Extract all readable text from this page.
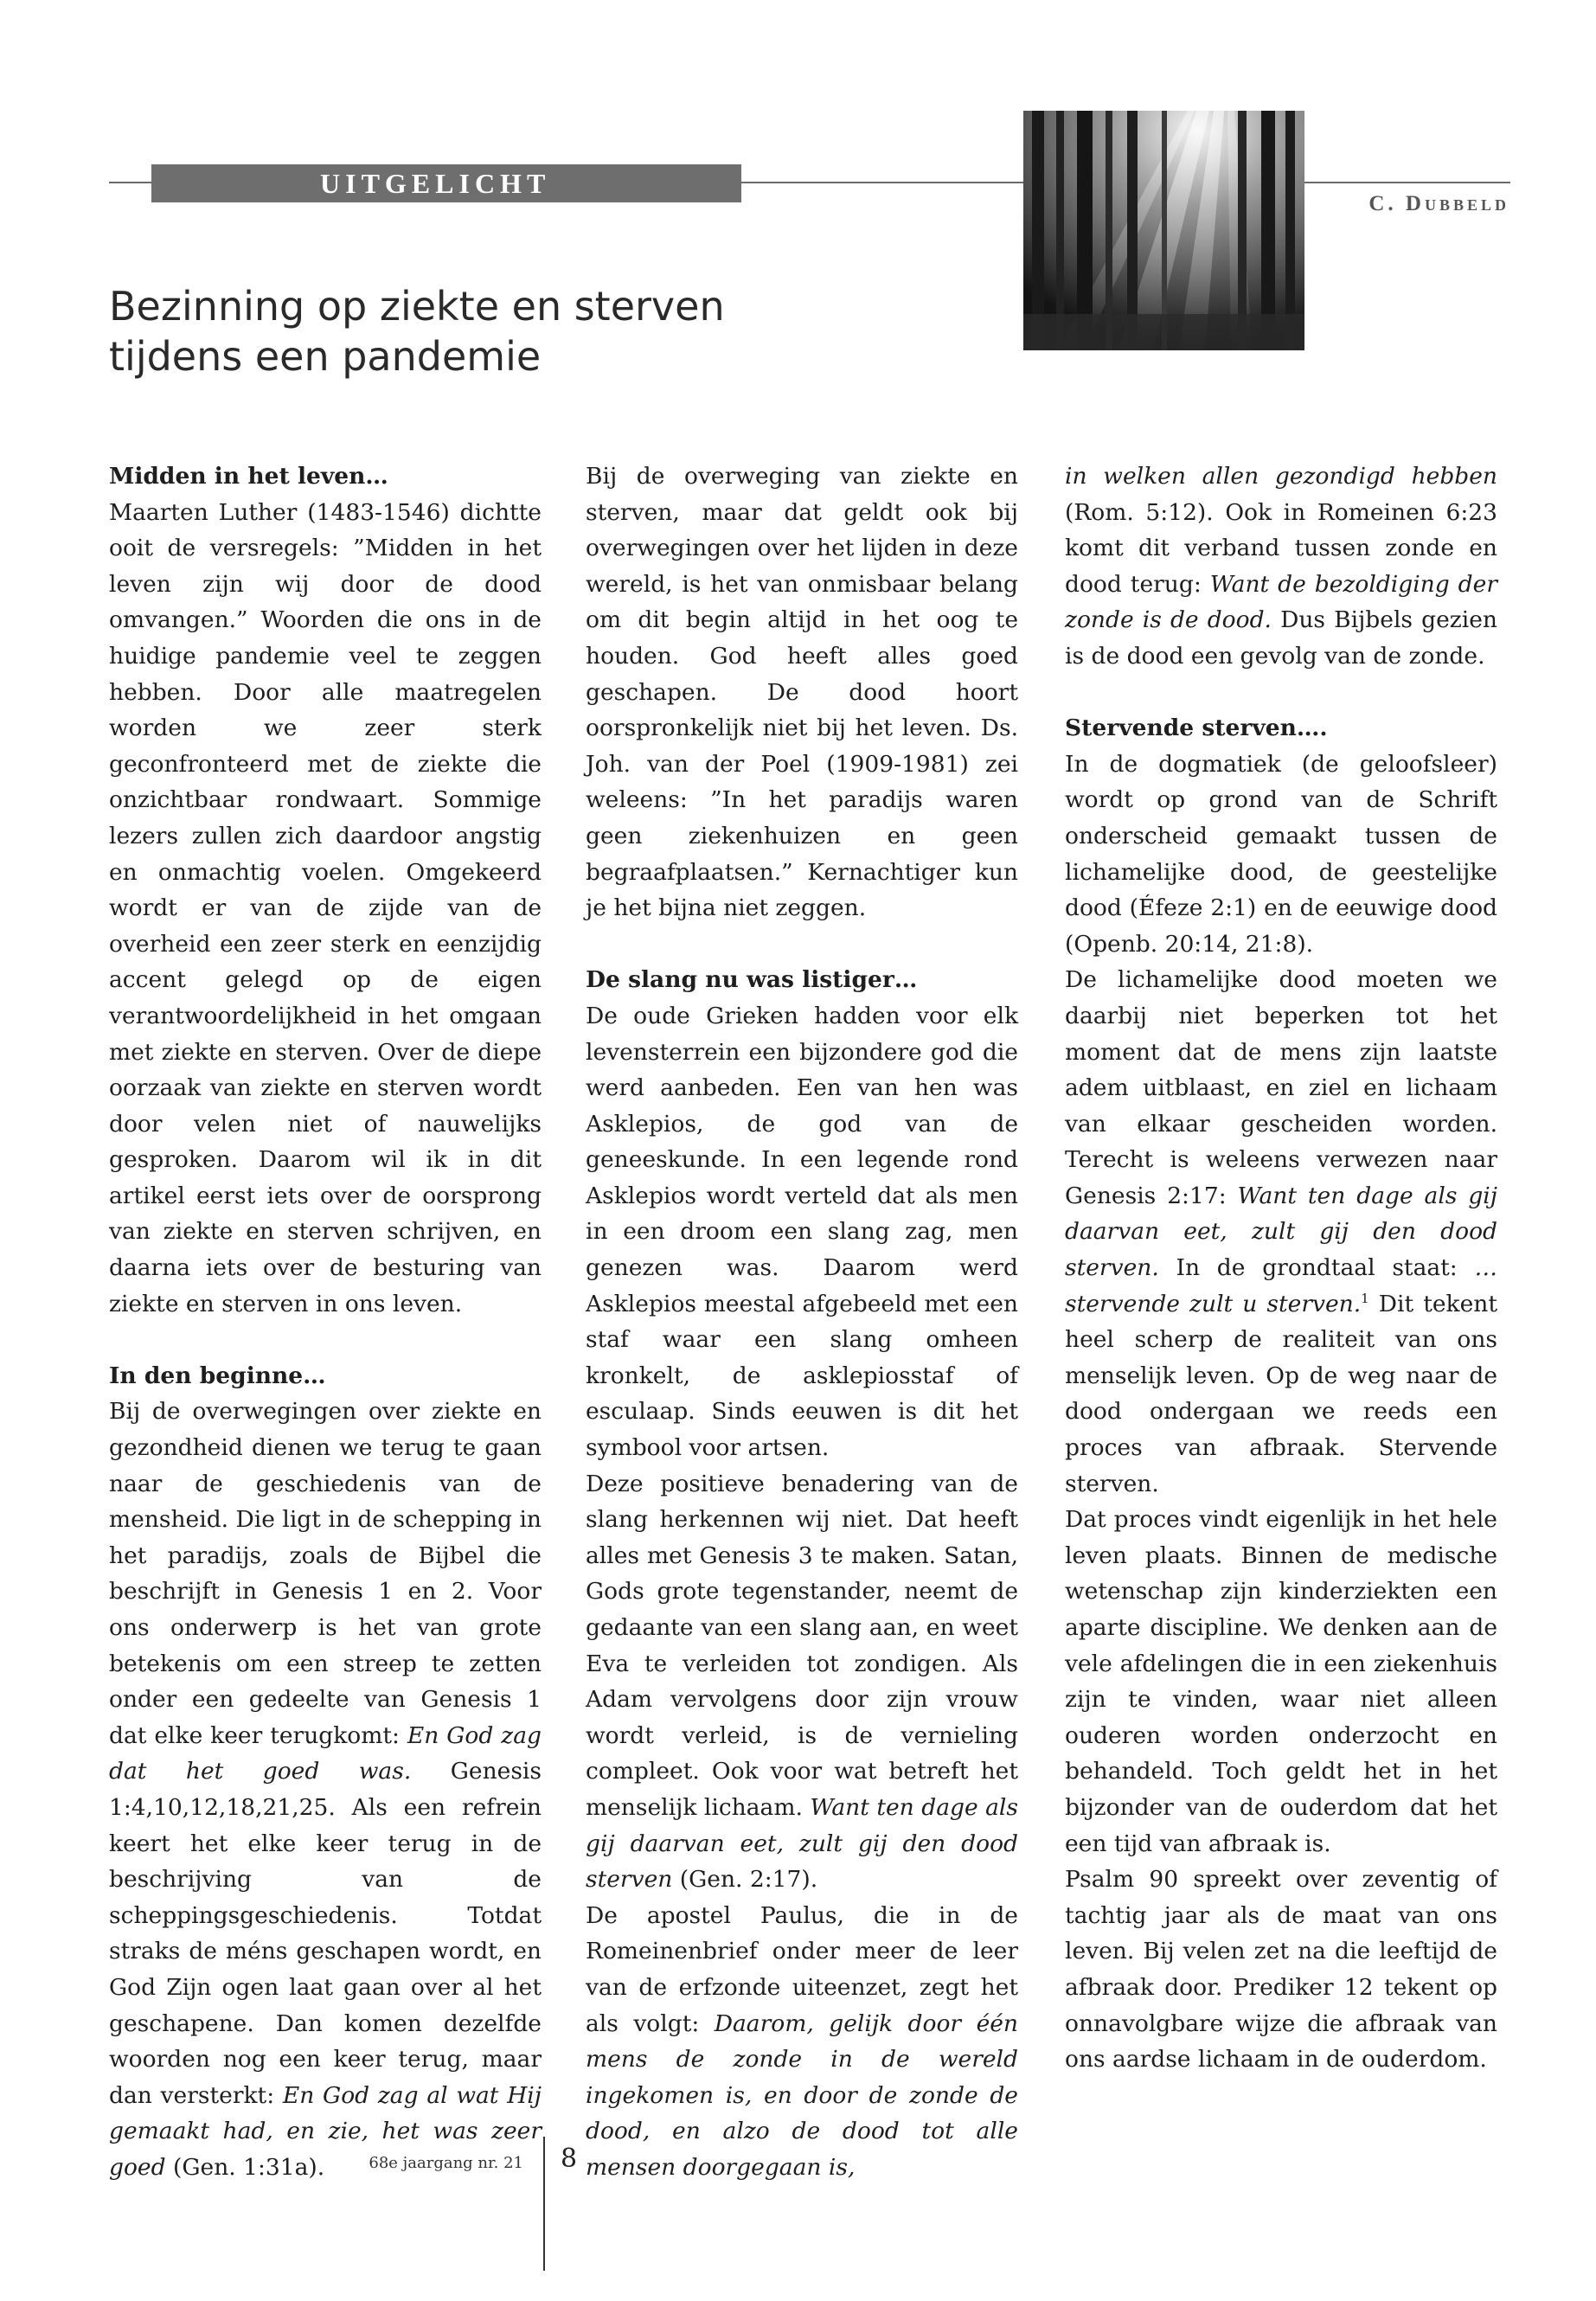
UITGELICHT
C. Dubbeld
Bezinning op ziekte en sterven
tijdens een pandemie
Midden in het leven…

Maarten Luther (1483-1546) dichtte ooit de versregels: ”Midden in het leven zijn wij door de dood omvangen.” Woorden die ons in de huidige pandemie veel te zeggen hebben. Door alle maatregelen worden we zeer sterk geconfronteerd met de ziekte die onzichtbaar rondwaart. Sommige lezers zullen zich daardoor angstig en onmachtig voelen. Omgekeerd wordt er van de zijde van de overheid een zeer sterk en eenzijdig accent gelegd op de eigen verantwoordelijkheid in het omgaan met ziekte en sterven. Over de diepe oorzaak van ziekte en sterven wordt door velen niet of nauwelijks gesproken. Daarom wil ik in dit artikel eerst iets over de oorsprong van ziekte en sterven schrijven, en daarna iets over de besturing van ziekte en sterven in ons leven.

In den beginne…

Bij de overwegingen over ziekte en gezondheid dienen we terug te gaan naar de geschiedenis van de mensheid. Die ligt in de schepping in het paradijs, zoals de Bijbel die beschrijft in Genesis 1 en 2. Voor ons onderwerp is het van grote betekenis om een streep te zetten onder een gedeelte van Genesis 1 dat elke keer terugkomt: En God zag dat het goed was. Genesis 1:4,10,12,18,21,25. Als een refrein keert het elke keer terug in de beschrijving van de scheppingsgeschiedenis. Totdat straks de méns geschapen wordt, en God Zijn ogen laat gaan over al het geschapene. Dan komen dezelfde woorden nog een keer terug, maar dan versterkt: En God zag al wat Hij gemaakt had, en zie, het was zeer goed (Gen. 1:31a).

Bij de overweging van ziekte en sterven, maar dat geldt ook bij overwegingen over het lijden in deze wereld, is het van onmisbaar belang om dit begin altijd in het oog te houden. God heeft alles goed geschapen. De dood hoort oorspronkelijk niet bij het leven. Ds. Joh. van der Poel (1909-1981) zei weleens: ”In het paradijs waren geen ziekenhuizen en geen begraafplaatsen.” Kernachtiger kun je het bijna niet zeggen.

De slang nu was listiger…

De oude Grieken hadden voor elk levensterrein een bijzondere god die werd aanbeden. Een van hen was Asklepios, de god van de geneeskunde. In een legende rond Asklepios wordt verteld dat als men in een droom een slang zag, men genezen was. Daarom werd Asklepios meestal afgebeeld met een staf waar een slang omheen kronkelt, de asklepiosstaf of esculaap. Sinds eeuwen is dit het symbool voor artsen.

Deze positieve benadering van de slang herkennen wij niet. Dat heeft alles met Genesis 3 te maken. Satan, Gods grote tegenstander, neemt de gedaante van een slang aan, en weet Eva te verleiden tot zondigen. Als Adam vervolgens door zijn vrouw wordt verleid, is de vernieling compleet. Ook voor wat betreft het menselijk lichaam. Want ten dage als gij daarvan eet, zult gij den dood sterven (Gen. 2:17).

De apostel Paulus, die in de Romeinenbrief onder meer de leer van de erfzonde uiteenzet, zegt het als volgt: Daarom, gelijk door één mens de zonde in de wereld ingekomen is, en door de zonde de dood, en alzo de dood tot alle mensen doorgegaan is,

in welken allen gezondigd hebben (Rom. 5:12). Ook in Romeinen 6:23 komt dit verband tussen zonde en dood terug: Want de bezoldiging der zonde is de dood. Dus Bijbels gezien is de dood een gevolg van de zonde.

Stervende sterven….

In de dogmatiek (de geloofsleer) wordt op grond van de Schrift onderscheid gemaakt tussen de lichamelijke dood, de geestelijke dood (Éfeze 2:1) en de eeuwige dood (Openb. 20:14, 21:8).

De lichamelijke dood moeten we daarbij niet beperken tot het moment dat de mens zijn laatste adem uitblaast, en ziel en lichaam van elkaar gescheiden worden. Terecht is weleens verwezen naar Genesis 2:17: Want ten dage als gij daarvan eet, zult gij den dood sterven. In de grondtaal staat: …stervende zult u sterven.$^1$ Dit tekent heel scherp de realiteit van ons menselijk leven. Op de weg naar de dood ondergaan we reeds een proces van afbraak. Stervende sterven.

Dat proces vindt eigenlijk in het hele leven plaats. Binnen de medische wetenschap zijn kinderziekten een aparte discipline. We denken aan de vele afdelingen die in een ziekenhuis zijn te vinden, waar niet alleen ouderen worden onderzocht en behandeld. Toch geldt het in het bijzonder van de ouderdom dat het een tijd van afbraak is.

Psalm 90 spreekt over zeventig of tachtig jaar als de maat van ons leven. Bij velen zet na die leeftijd de afbraak door. Prediker 12 tekent op onnavolgbare wijze die afbraak van ons aardse lichaam in de ouderdom.

68e jaargang nr. 21 8
